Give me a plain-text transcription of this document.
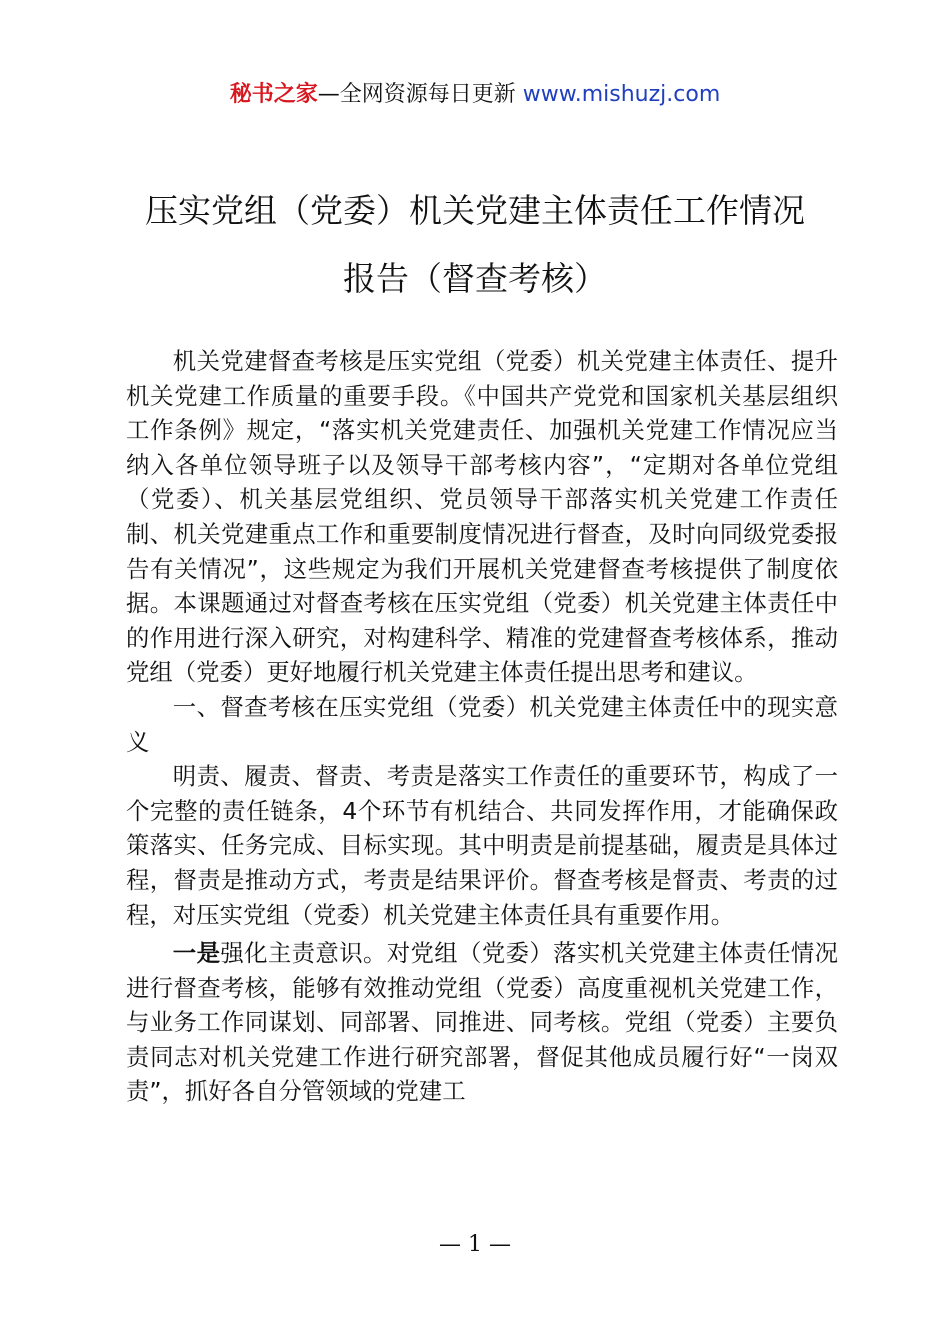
秘书之家—全网资源每日更新 www.mishuzj.com
压实党组（党委）机关党建主体责任工作情况
报告（督查考核）

机关党建督查考核是压实党组（党委）机关党建主体责任、提升机关党建工作质量的重要手段。《中国共产党党和国家机关基层组织工作条例》规定，“落实机关党建责任、加强机关党建工作情况应当纳入各单位领导班子以及领导干部考核内容”，“定期对各单位党组（党委）、机关基层党组织、党员领导干部落实机关党建工作责任制、机关党建重点工作和重要制度情况进行督查，及时向同级党委报告有关情况”，这些规定为我们开展机关党建督查考核提供了制度依据。本课题通过对督查考核在压实党组（党委）机关党建主体责任中的作用进行深入研究，对构建科学、精准的党建督查考核体系，推动党组（党委）更好地履行机关党建主体责任提出思考和建议。

一、督查考核在压实党组（党委）机关党建主体责任中的现实意义

明责、履责、督责、考责是落实工作责任的重要环节，构成了一个完整的责任链条，4个环节有机结合、共同发挥作用，才能确保政策落实、任务完成、目标实现。其中明责是前提基础，履责是具体过程，督责是推动方式，考责是结果评价。督查考核是督责、考责的过程，对压实党组（党委）机关党建主体责任具有重要作用。

一是强化主责意识。对党组（党委）落实机关党建主体责任情况进行督查考核，能够有效推动党组（党委）高度重视机关党建工作，与业务工作同谋划、同部署、同推进、同考核。党组（党委）主要负责同志对机关党建工作进行研究部署，督促其他成员履行好“一岗双责”，抓好各自分管领域的党建工

— 1 —
